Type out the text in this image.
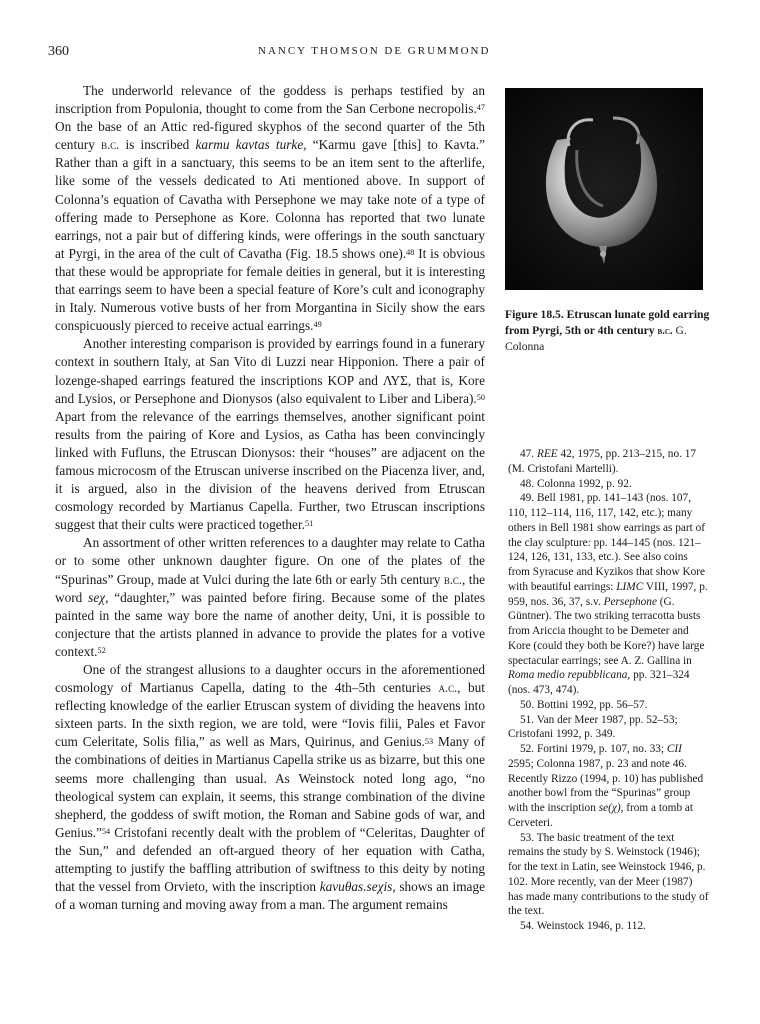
360	NANCY THOMSON DE GRUMMOND

The underworld relevance of the goddess is perhaps testified by an inscription from Populonia, thought to come from the San Cerbone necropolis.$^{47}$ On the base of an Attic red-figured skyphos of the second quarter of the 5th century b.c. is inscribed karmu kavtas turke, “Karmu gave [this] to Kavta.” Rather than a gift in a sanctuary, this seems to be an item sent to the afterlife, like some of the vessels dedicated to Ati mentioned above. In support of Colonna’s equation of Cavatha with Persephone we may take note of a type of offering made to Persephone as Kore. Colonna has reported that two lunate earrings, not a pair but of differing kinds, were offerings in the south sanctuary at Pyrgi, in the area of the cult of Cavatha (Fig. 18.5 shows one).$^{48}$ It is obvious that these would be appropriate for female deities in general, but it is interesting that earrings seem to have been a special feature of Kore’s cult and iconography in Italy. Numerous votive busts of her from Morgantina in Sicily show the ears conspicuously pierced to receive actual earrings.$^{49}$

Another interesting comparison is provided by earrings found in a funerary context in southern Italy, at San Vito di Luzzi near Hipponion. There a pair of lozenge-shaped earrings featured the inscriptions KOP and ΛΥΣ, that is, Kore and Lysios, or Persephone and Dionysos (also equivalent to Liber and Libera).$^{50}$ Apart from the relevance of the earrings themselves, another significant point results from the pairing of Kore and Lysios, as Catha has been convincingly linked with Fufluns, the Etruscan Dionysos: their “houses” are adjacent on the famous microcosm of the Etruscan universe inscribed on the Piacenza liver, and, it is argued, also in the division of the heavens derived from Etruscan cosmology recorded by Martianus Capella. Further, two Etruscan inscriptions suggest that their cults were practiced together.$^{51}$

An assortment of other written references to a daughter may relate to Catha or to some other unknown daughter figure. On one of the plates of the “Spurinas” Group, made at Vulci during the late 6th or early 5th century b.c., the word seχ, “daughter,” was painted before firing. Because some of the plates painted in the same way bore the name of another deity, Uni, it is possible to conjecture that the artists planned in advance to provide the plates for a votive context.$^{52}$

One of the strangest allusions to a daughter occurs in the aforementioned cosmology of Martianus Capella, dating to the 4th–5th centuries a.c., but reflecting knowledge of the earlier Etruscan system of dividing the heavens into sixteen parts. In the sixth region, we are told, were “Iovis filii, Pales et Favor cum Celeritate, Solis filia,” as well as Mars, Quirinus, and Genius.$^{53}$ Many of the combinations of deities in Martianus Capella strike us as bizarre, but this one seems more challenging than usual. As Weinstock noted long ago, “no theological system can explain, it seems, this strange combination of the divine shepherd, the goddess of swift motion, the Roman and Sabine gods of war, and Genius.”$^{54}$ Cristofani recently dealt with the problem of “Celeritas, Daughter of the Sun,” and defended an oft-argued theory of her equation with Catha, attempting to justify the baffling attribution of swiftness to this deity by noting that the vessel from Orvieto, with the inscription kavuθas.seχis, shows an image of a woman turning and moving away from a man. The argument remains

Figure 18.5. Etruscan lunate gold earring from Pyrgi, 5th or 4th century b.c. G. Colonna

47. REE 42, 1975, pp. 213–215, no. 17 (M. Cristofani Martelli).

48. Colonna 1992, p. 92.

49. Bell 1981, pp. 141–143 (nos. 107, 110, 112–114, 116, 117, 142, etc.); many others in Bell 1981 show earrings as part of the clay sculpture: pp. 144–145 (nos. 121–124, 126, 131, 133, etc.). See also coins from Syracuse and Kyzikos that show Kore with beautiful earrings: LIMC VIII, 1997, p. 959, nos. 36, 37, s.v. Persephone (G. Güntner). The two striking terracotta busts from Ariccia thought to be Demeter and Kore (could they both be Kore?) have large spectacular earrings; see A. Z. Gallina in Roma medio repubblicana, pp. 321–324 (nos. 473, 474).

50. Bottini 1992, pp. 56–57.

51. Van der Meer 1987, pp. 52–53; Cristofani 1992, p. 349.

52. Fortini 1979, p. 107, no. 33; CII 2595; Colonna 1987, p. 23 and note 46. Recently Rizzo (1994, p. 10) has published another bowl from the “Spurinas” group with the inscription se(χ), from a tomb at Cerveteri.

53. The basic treatment of the text remains the study by S. Weinstock (1946); for the text in Latin, see Weinstock 1946, p. 102. More recently, van der Meer (1987) has made many contributions to the study of the text.

54. Weinstock 1946, p. 112.
